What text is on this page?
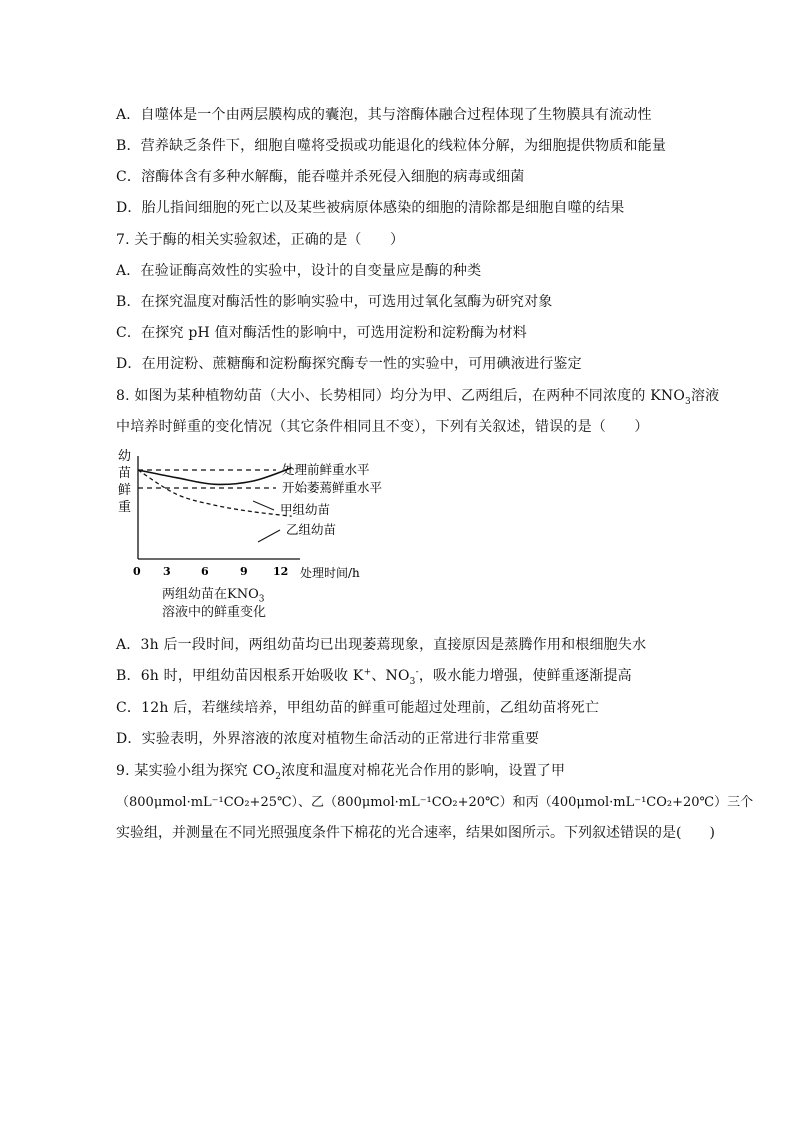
A．自噬体是一个由两层膜构成的囊泡，其与溶酶体融合过程体现了生物膜具有流动性
B．营养缺乏条件下，细胞自噬将受损或功能退化的线粒体分解，为细胞提供物质和能量
C．溶酶体含有多种水解酶，能吞噬并杀死侵入细胞的病毒或细菌
D．胎儿指间细胞的死亡以及某些被病原体感染的细胞的清除都是细胞自噬的结果
7. 关于酶的相关实验叙述，正确的是（　　）
A．在验证酶高效性的实验中，设计的自变量应是酶的种类
B．在探究温度对酶活性的影响实验中，可选用过氧化氢酶为研究对象
C．在探究 pH 值对酶活性的影响中，可选用淀粉和淀粉酶为材料
D．在用淀粉、蔗糖酶和淀粉酶探究酶专一性的实验中，可用碘液进行鉴定
8. 如图为某种植物幼苗（大小、长势相同）均分为甲、乙两组后，在两种不同浓度的 $KNO_3$溶液
中培养时鲜重的变化情况（其它条件相同且不变），下列有关叙述，错误的是（　　）
幼
苗
鲜
重
处理前鲜重水平
开始萎蔫鲜重水平
甲组幼苗
乙组幼苗
0 3	6	9 12 处理时间/h
两组幼苗在$KNO_3$
溶液中的鲜重变化
A．3h 后一段时间，两组幼苗均已出现萎蔫现象，直接原因是蒸腾作用和根细胞失水
B．6h 时，甲组幼苗因根系开始吸收 K+、$NO_3^-$，吸水能力增强，使鲜重逐渐提高
C．12h 后，若继续培养，甲组幼苗的鲜重可能超过处理前，乙组幼苗将死亡
D．实验表明，外界溶液的浓度对植物生命活动的正常进行非常重要
9. 某实验小组为探究 $CO_2$浓度和温度对棉花光合作用的影响，设置了甲
（800μmol·mL⁻¹CO₂+25℃）、乙（800μmol·mL⁻¹CO₂+20℃）和丙（400μmol·mL⁻¹CO₂+20℃）三个
实验组，并测量在不同光照强度条件下棉花的光合速率，结果如图所示。下列叙述错误的是(　　)
